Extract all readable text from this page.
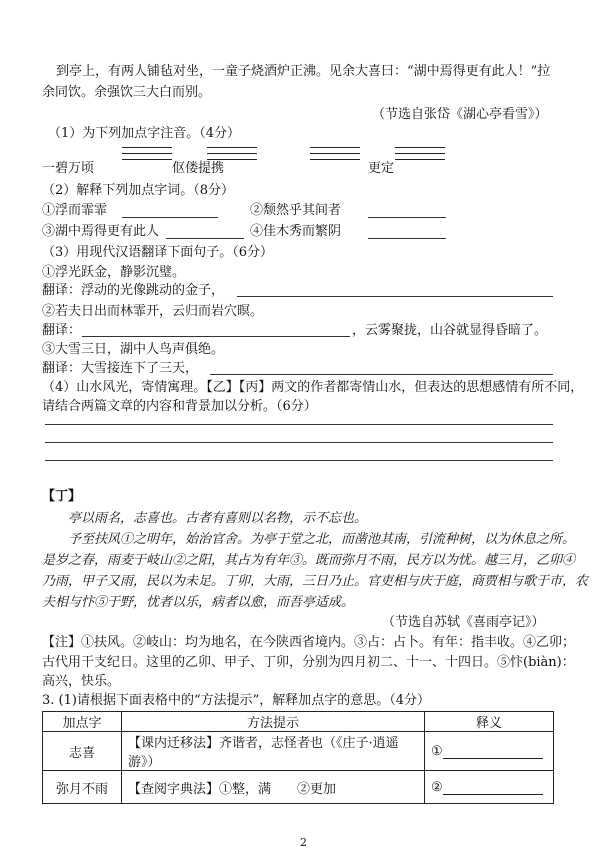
到亭上，有两人铺毡对坐，一童子烧酒炉正沸。见余大喜曰：“湖中焉得更有此人！”拉
余同饮。余强饮三大白而别。
（节选自张岱《湖心亭看雪》）
（1）为下列加点字注音。（4分）
一碧万顷	伛偻提携	更定
（2）解释下列加点字词。（8分）
①浮而霏霏	②颓然乎其间者
③湖中焉得更有此人	④佳木秀而繁阴
（3）用现代汉语翻译下面句子。（6分）
①浮光跃金，静影沉璧。
翻译：浮动的光像跳动的金子，
②若夫日出而林霏开，云归而岩穴暝。
翻译：	，云雾聚拢，山谷就显得昏暗了。
③大雪三日，湖中人鸟声俱绝。
翻译：大雪接连下了三天，
（4）山水风光，寄情寓理。【乙】【丙】两文的作者都寄情山水，但表达的思想感情有所不同，
请结合两篇文章的内容和背景加以分析。（6分）
【丁】
亭以雨名，志喜也。古者有喜则以名物，示不忘也。
予至扶风①之明年，始治官舍。为亭于堂之北，而凿池其南，引流种树，以为休息之所。
是岁之春，雨麦于岐山②之阳，其占为有年③。既而弥月不雨，民方以为忧。越三月，乙卯④
乃雨，甲子又雨，民以为未足。丁卯，大雨，三日乃止。官吏相与庆于庭，商贾相与歌于市，农
夫相与忭⑤于野，忧者以乐，病者以愈，而吾亭适成。
（节选自苏轼《喜雨亭记》）
【注】①扶风。②岐山：均为地名，在今陕西省境内。③占：占卜。有年：指丰收。④乙卯；
古代用干支纪日。这里的乙卯、甲子、丁卯，分别为四月初二、十一、十四日。⑤忭(biàn)：
高兴，快乐。
3. (1)请根据下面表格中的“方法提示”，解释加点字的意思。（4分）
加点字	方法提示	释义
志喜	【课内迁移法】齐谐者，志怪者也（《庄子·逍遥游》）	①
弥月不雨	【查阅字典法】①整，满　　②更加	②
2
